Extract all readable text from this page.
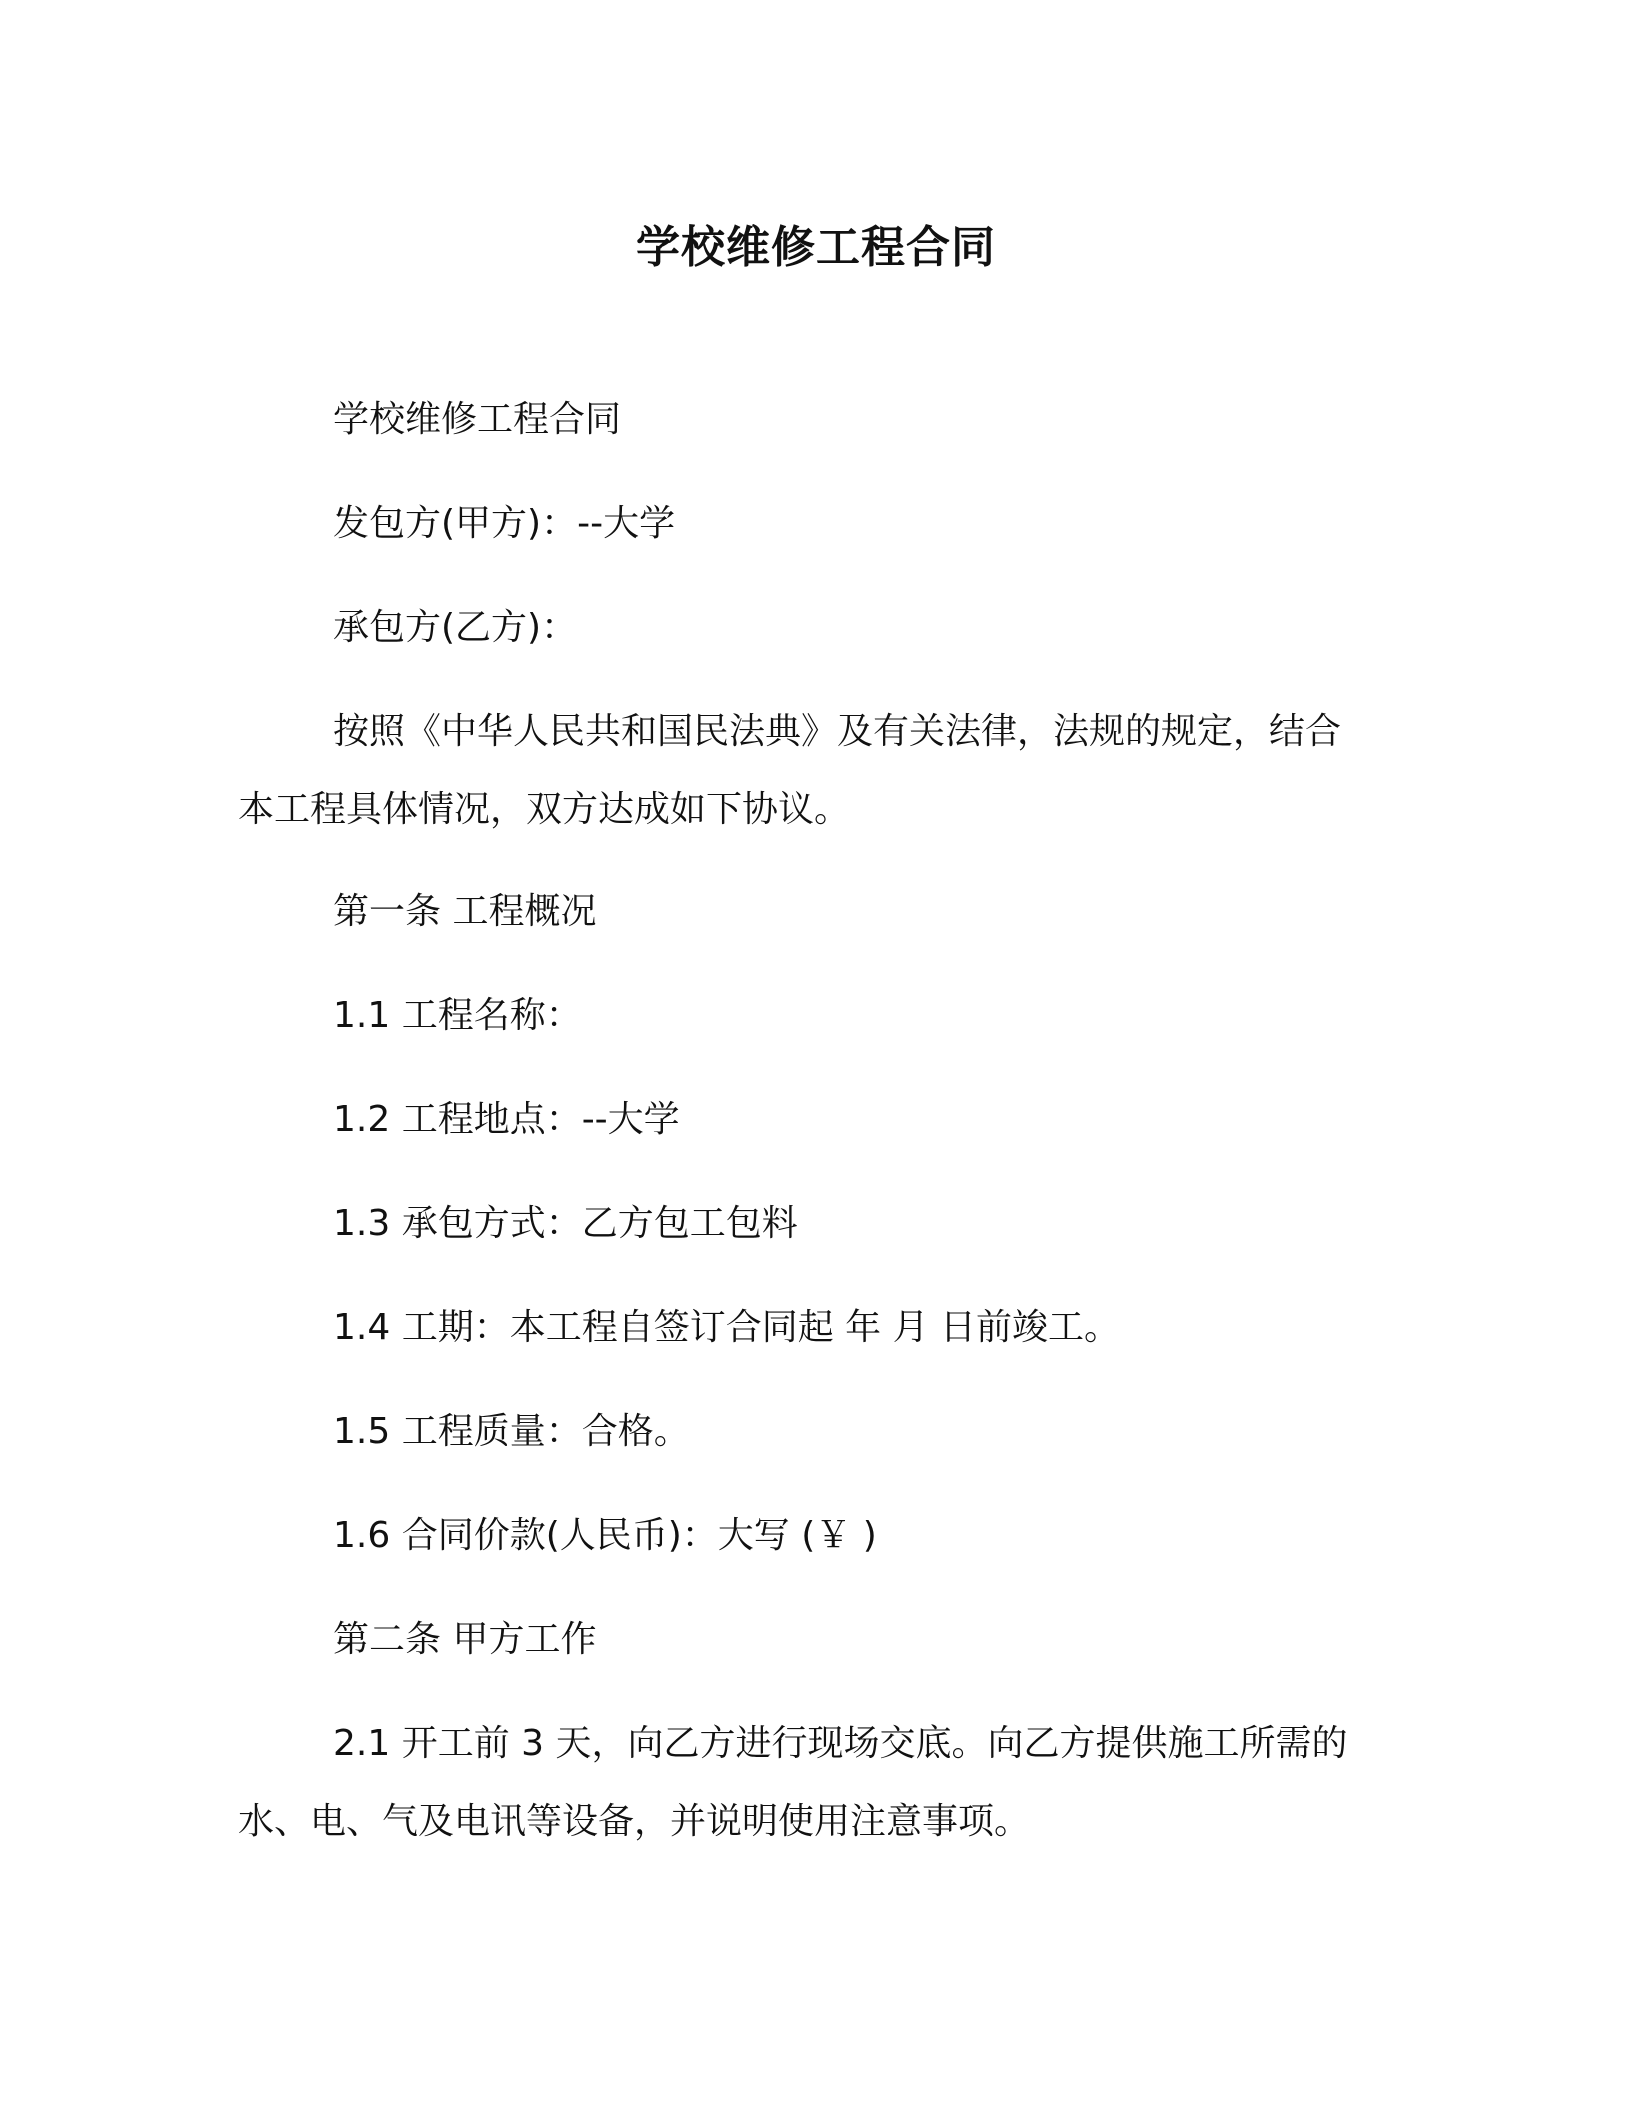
学校维修工程合同

学校维修工程合同

发包方(甲方)：--大学

承包方(乙方)：

按照《中华人民共和国民法典》及有关法律，法规的规定，结合
本工程具体情况，双方达成如下协议。

第一条 工程概况

1.1 工程名称：

1.2 工程地点：--大学

1.3 承包方式：乙方包工包料

1.4 工期：本工程自签订合同起 年 月 日前竣工。

1.5 工程质量：合格。

1.6 合同价款(人民币)：大写 (￥ )

第二条 甲方工作

2.1 开工前 3 天，向乙方进行现场交底。向乙方提供施工所需的
水、电、气及电讯等设备，并说明使用注意事项。
